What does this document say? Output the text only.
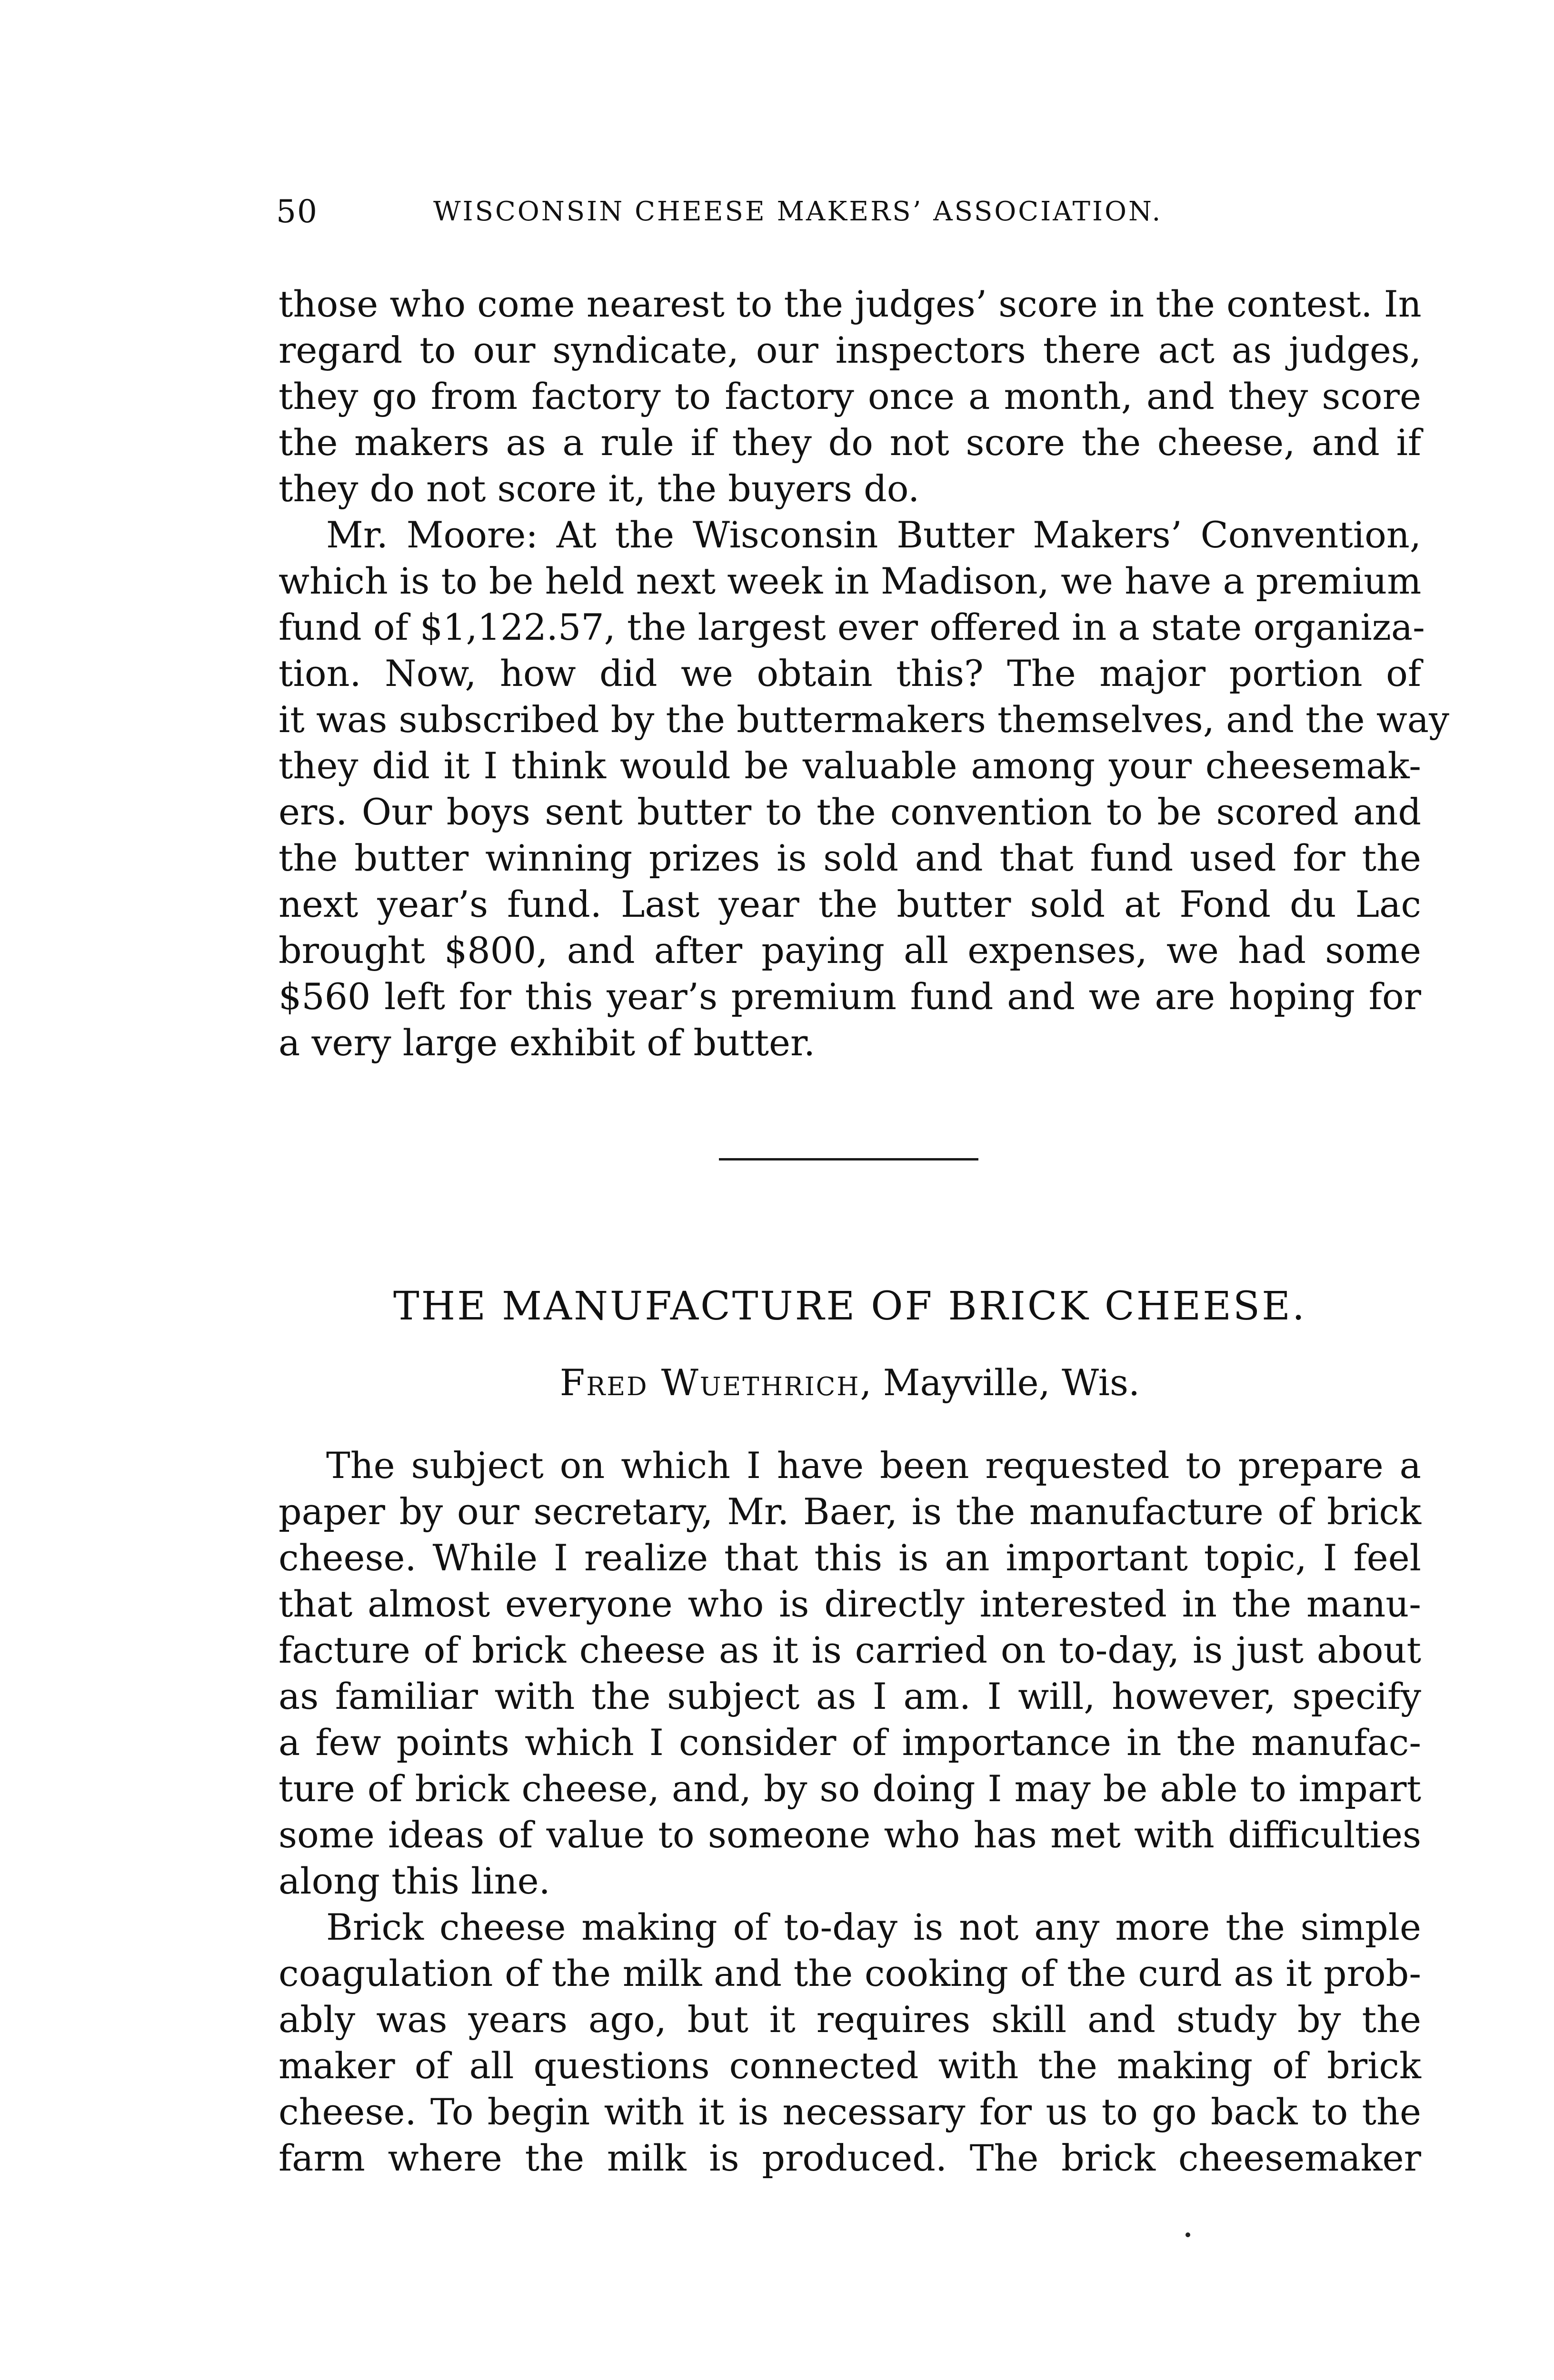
50	WISCONSIN CHEESE MAKERS’ ASSOCIATION.
those who come nearest to the judges’ score in the contest. In
regard to our syndicate, our inspectors there act as judges,
they go from factory to factory once a month, and they score
the makers as a rule if they do not score the cheese, and if
they do not score it, the buyers do.
Mr. Moore: At the Wisconsin Butter Makers’ Convention,
which is to be held next week in Madison, we have a premium
fund of $1,122.57, the largest ever offered in a state organiza-
tion. Now, how did we obtain this? The major portion of
it was subscribed by the buttermakers themselves, and the way
they did it I think would be valuable among your cheesemak-
ers. Our boys sent butter to the convention to be scored and
the butter winning prizes is sold and that fund used for the
next year’s fund. Last year the butter sold at Fond du Lac
brought $800, and after paying all expenses, we had some
$560 left for this year’s premium fund and we are hoping for
a very large exhibit of butter.
THE MANUFACTURE OF BRICK CHEESE.
Fred Wuethrich, Mayville, Wis.
The subject on which I have been requested to prepare a
paper by our secretary, Mr. Baer, is the manufacture of brick
cheese. While I realize that this is an important topic, I feel
that almost everyone who is directly interested in the manu-
facture of brick cheese as it is carried on to-day, is just about
as familiar with the subject as I am. I will, however, specify
a few points which I consider of importance in the manufac-
ture of brick cheese, and, by so doing I may be able to impart
some ideas of value to someone who has met with difficulties
along this line.
Brick cheese making of to-day is not any more the simple
coagulation of the milk and the cooking of the curd as it prob-
ably was years ago, but it requires skill and study by the
maker of all questions connected with the making of brick
cheese. To begin with it is necessary for us to go back to the
farm where the milk is produced. The brick cheesemaker
